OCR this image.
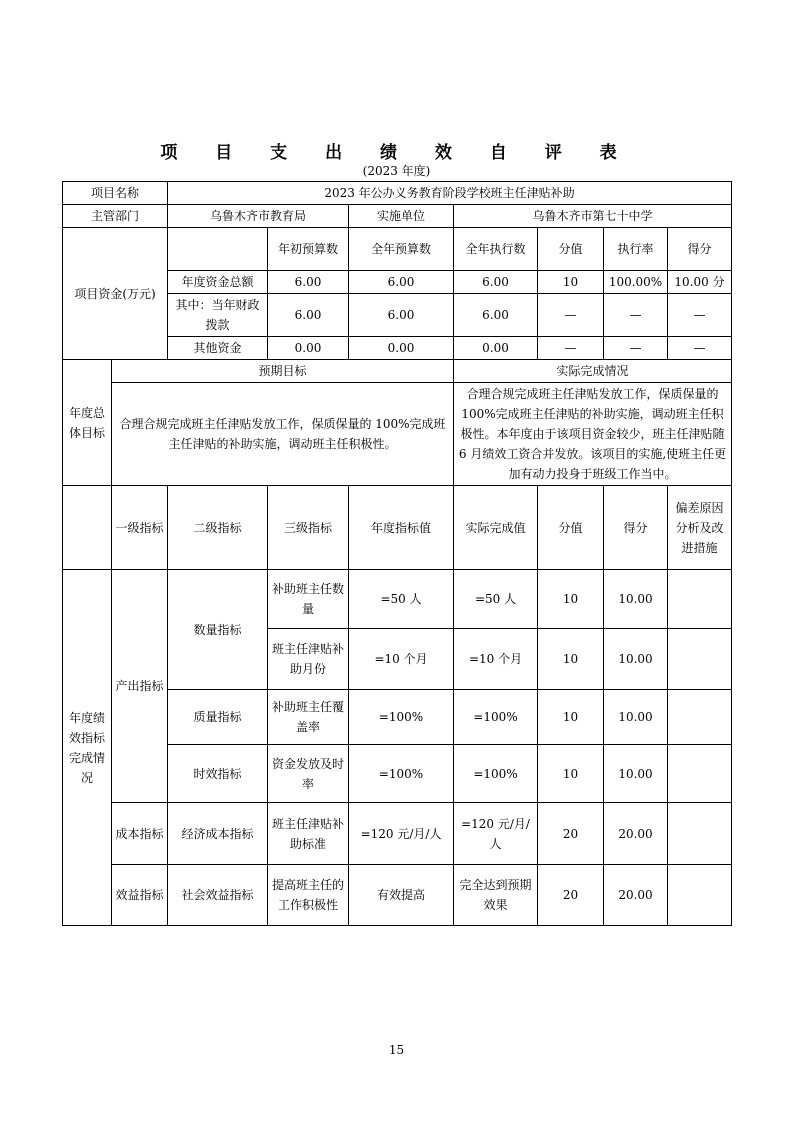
项 目 支 出 绩 效 自 评 表
(2023 年度)
项目名称		2023 年公办义务教育阶段学校班主任津贴补助						
主管部门		乌鲁木齐市教育局		实施单位	乌鲁木齐市第七十中学			
项目资金(万元)			年初预算数	全年预算数	全年执行数	分值	执行率	得分
		年度资金总额	6.00	6.00	6.00	10	100.00%	10.00 分
		其中：当年财政拨款	6.00	6.00	6.00	—	—	—
		其他资金	0.00	0.00	0.00	—	—	—
年度总体目标	预期目标				实际完成情况			
	合理合规完成班主任津贴发放工作，保质保量的 100%完成班主任津贴的补助实施，调动班主任积极性。				合理合规完成班主任津贴发放工作，保质保量的 100%完成班主任津贴的补助实施，调动班主任积极性。本年度由于该项目资金较少，班主任津贴随 6 月绩效工资合并发放。该项目的实施,使班主任更加有动力投身于班级工作当中。			
	一级指标	二级指标	三级指标	年度指标值	实际完成值	分值	得分	偏差原因分析及改进措施
年度绩效指标完成情况	产出指标	数量指标	补助班主任数量	=50 人	=50 人	10	10.00	
			班主任津贴补助月份	=10 个月	=10 个月	10	10.00	
		质量指标	补助班主任覆盖率	=100%	=100%	10	10.00	
		时效指标	资金发放及时率	=100%	=100%	10	10.00	
	成本指标	经济成本指标	班主任津贴补助标准	=120 元/月/人	=120 元/月/人	20	20.00	
	效益指标	社会效益指标	提高班主任的工作积极性	有效提高	完全达到预期效果	20	20.00	
15
